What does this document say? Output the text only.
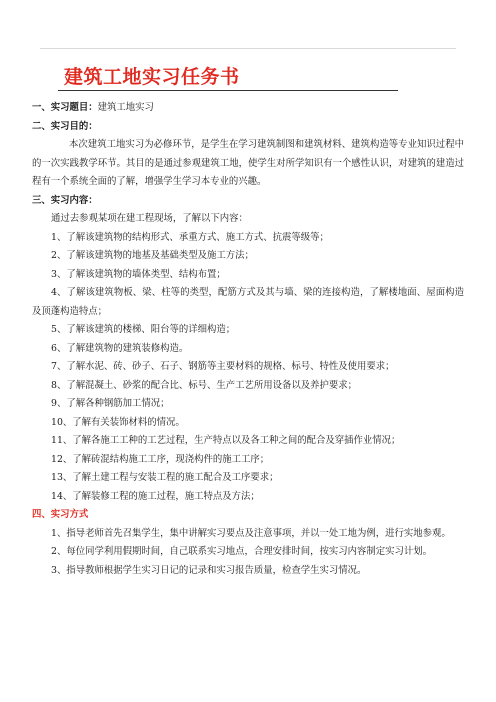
建筑工地实习任务书
一、实习题目：建筑工地实习
二、实习目的：
本次建筑工地实习为必修环节，是学生在学习建筑制图和建筑材料、建筑构造等专业知识过程中的一次实践教学环节。其目的是通过参观建筑工地，使学生对所学知识有一个感性认识，对建筑的建造过程有一个系统全面的了解，增强学生学习本专业的兴趣。
三、实习内容：
通过去参观某项在建工程现场，了解以下内容：
1、了解该建筑物的结构形式、承重方式、施工方式、抗震等级等；
2、了解该建筑物的地基及基础类型及施工方法；
3、了解该建筑物的墙体类型、结构布置；
4、了解该建筑物板、梁、柱等的类型，配筋方式及其与墙、梁的连接构造，了解楼地面、屋面构造及顶蓬构造特点；
5、了解该建筑的楼梯、阳台等的详细构造；
6、了解建筑物的建筑装修构造。
7、了解水泥、砖、砂子、石子、钢筋等主要材料的规格、标号、特性及使用要求；
8、了解混凝土、砂浆的配合比、标号、生产工艺所用设备以及养护要求；
9、了解各种钢筋加工情况；
10、了解有关装饰材料的情况。
11、了解各施工工种的工艺过程，生产特点以及各工种之间的配合及穿插作业情况；
12、了解砖混结构施工工序，现浇构件的施工工序；
13、了解土建工程与安装工程的施工配合及工序要求；
14、了解装修工程的施工过程，施工特点及方法；
四、实习方式
1、指导老师首先召集学生，集中讲解实习要点及注意事项，并以一处工地为例，进行实地参观。
2、每位同学利用假期时间，自己联系实习地点，合理安排时间，按实习内容制定实习计划。
3、指导教师根据学生实习日记的记录和实习报告质量，检查学生实习情况。
